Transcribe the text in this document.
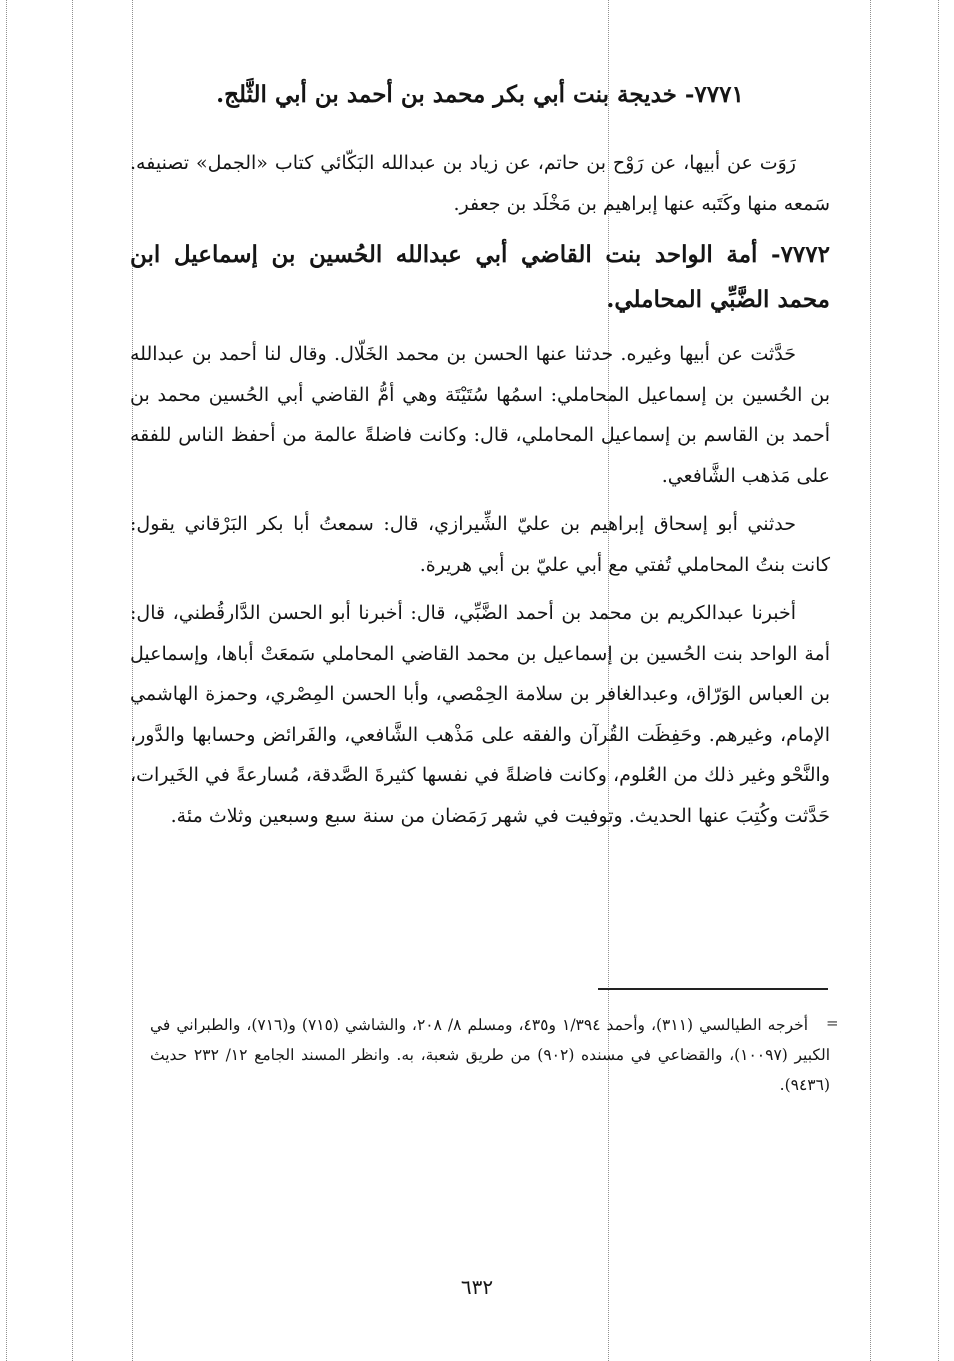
٧٧٧١- خديجة بنت أبي بكر محمد بن أحمد بن أبي الثَّلج.

رَوَت عن أبيها، عن رَوْح بن حاتم، عن زياد بن عبدالله البَكّائي كتاب «الجمل» تصنيفه. سَمعه منها وكَتَبه عنها إبراهيم بن مَخْلَد بن جعفر.

٧٧٧٢- أمة الواحد بنت القاضي أبي عبدالله الحُسين بن إسماعيل ابن محمد الضَّبِّي المحاملي.

حَدَّثت عن أبيها وغيره. حدثنا عنها الحسن بن محمد الخَلّال. وقال لنا أحمد بن عبدالله بن الحُسين بن إسماعيل المحاملي: اسمُها سُتَيْتَة وهي أمُّ القاضي أبي الحُسين محمد بن أحمد بن القاسم بن إسماعيل المحاملي، قال: وكانت فاضلةً عالمة من أحفظ الناس للفقه على مَذهب الشَّافعي.

حدثني أبو إسحاق إبراهيم بن عليّ الشِّيرازي، قال: سمعتُ أبا بكر البَرْقاني يقول: كانت بنتُ المحاملي تُفتي مع أبي عليّ بن أبي هريرة.

أخبرنا عبدالكريم بن محمد بن أحمد الضَّبِّي، قال: أخبرنا أبو الحسن الدَّارقُطني، قال: أمة الواحد بنت الحُسين بن إسماعيل بن محمد القاضي المحاملي سَمعَتْ أباها، وإسماعيل بن العباس الوَرّاق، وعبدالغافر بن سلامة الحِمْصي، وأبا الحسن المِصْري، وحمزة الهاشمي الإمام، وغيرهم. وحَفِظَت القُرآن والفقه على مَذْهب الشَّافعي، والفَرائض وحسابها والدَّور، والنَّحْو وغير ذلك من العُلوم، وكانت فاضلةً في نفسها كثيرةَ الصَّدقة، مُسارعةً في الخَيرات، حَدَّثت وكُتِبَ عنها الحديث. وتوفيت في شهر رَمَضان من سنة سبع وسبعين وثلاث مئة.

=

أخرجه الطيالسي (٣١١)، وأحمد ١/٣٩٤ و٤٣٥، ومسلم ٨/ ٢٠٨، والشاشي (٧١٥) و(٧١٦)، والطبراني في الكبير (١٠٠٩٧)، والقضاعي في مسنده (٩٠٢) من طريق شعبة، به. وانظر المسند الجامع ١٢/ ٢٣٢ حديث (٩٤٣٦).

٦٣٢
